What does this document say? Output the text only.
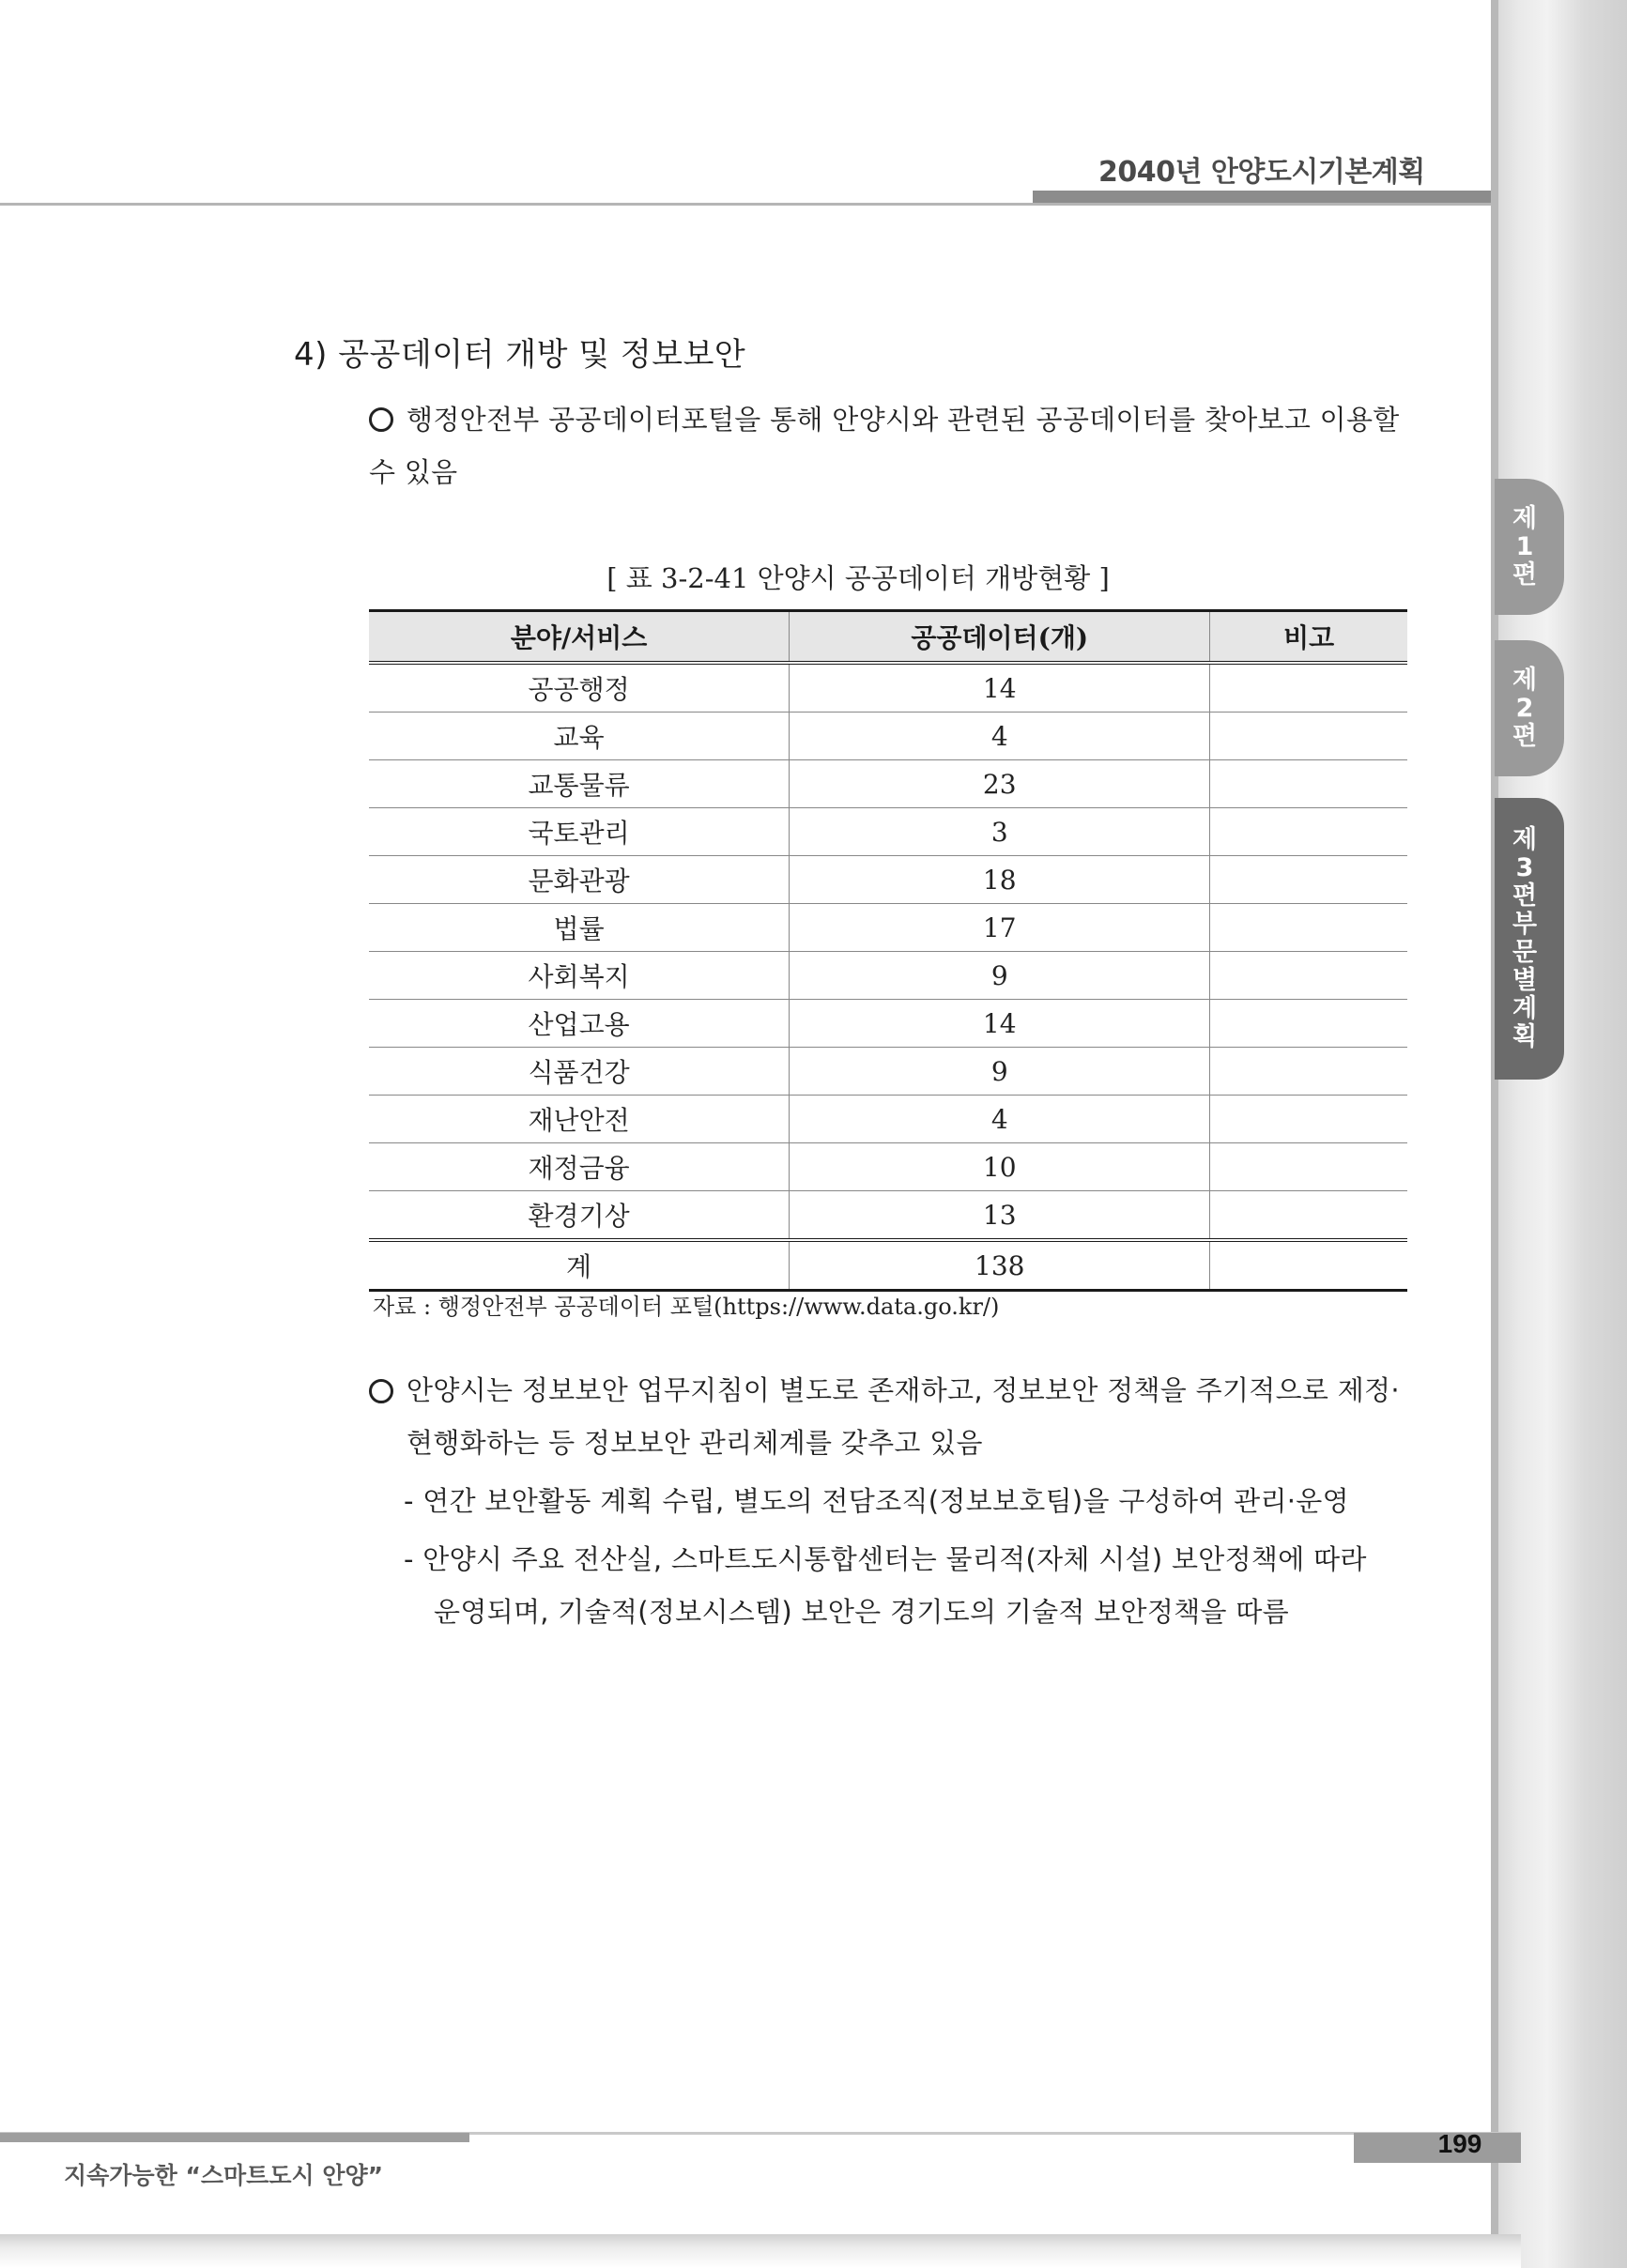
2040년 안양도시기본계획
제1편
제2편
제3편 부문별 계획
4) 공공데이터 개방 및 정보보안
행정안전부 공공데이터포털을 통해 안양시와 관련된 공공데이터를 찾아보고 이용할 수 있음
[ 표 3-2-41 안양시 공공데이터 개방현황 ]
분야/서비스	공공데이터(개)	비고
공공행정	14	
교육	4	
교통물류	23	
국토관리	3	
문화관광	18	
법률	17	
사회복지	9	
산업고용	14	
식품건강	9	
재난안전	4	
재정금융	10	
환경기상	13	
계	138	
자료 : 행정안전부 공공데이터 포털(https://www.data.go.kr/)
안양시는 정보보안 업무지침이 별도로 존재하고, 정보보안 정책을 주기적으로 제정·
현행화하는 등 정보보안 관리체계를 갖추고 있음
- 연간 보안활동 계획 수립, 별도의 전담조직(정보보호팀)을 구성하여 관리·운영
- 안양시 주요 전산실, 스마트도시통합센터는 물리적(자체 시설) 보안정책에 따라
운영되며, 기술적(정보시스템) 보안은 경기도의 기술적 보안정책을 따름
199
지속가능한 “스마트도시 안양”
